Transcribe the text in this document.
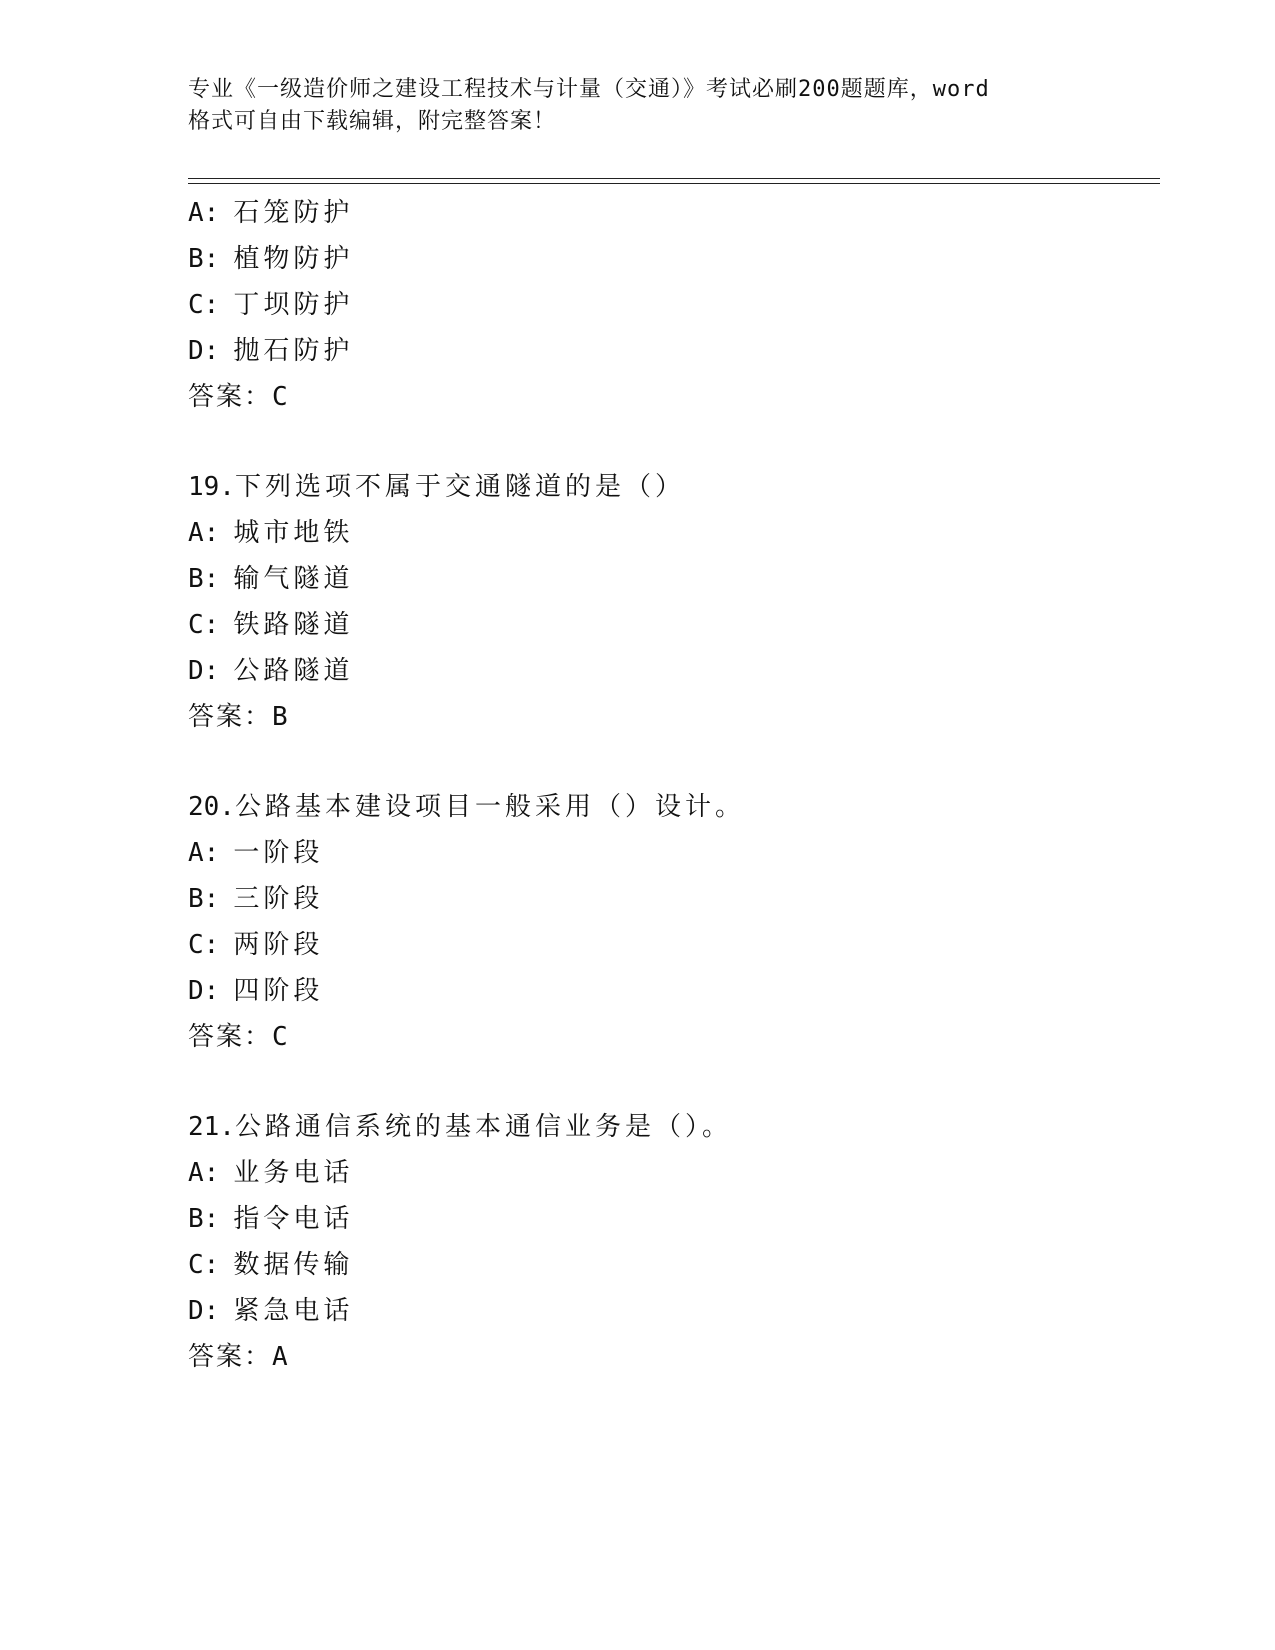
专业《一级造价师之建设工程技术与计量（交通）》考试必刷200题题库，word
格式可自由下载编辑，附完整答案！
A: 石笼防护
B: 植物防护
C: 丁坝防护
D: 抛石防护
答案：C
19.下列选项不属于交通隧道的是（）
A: 城市地铁
B: 输气隧道
C: 铁路隧道
D: 公路隧道
答案：B
20.公路基本建设项目一般采用（）设计。
A: 一阶段
B: 三阶段
C: 两阶段
D: 四阶段
答案：C
21.公路通信系统的基本通信业务是（）。
A: 业务电话
B: 指令电话
C: 数据传输
D: 紧急电话
答案：A
